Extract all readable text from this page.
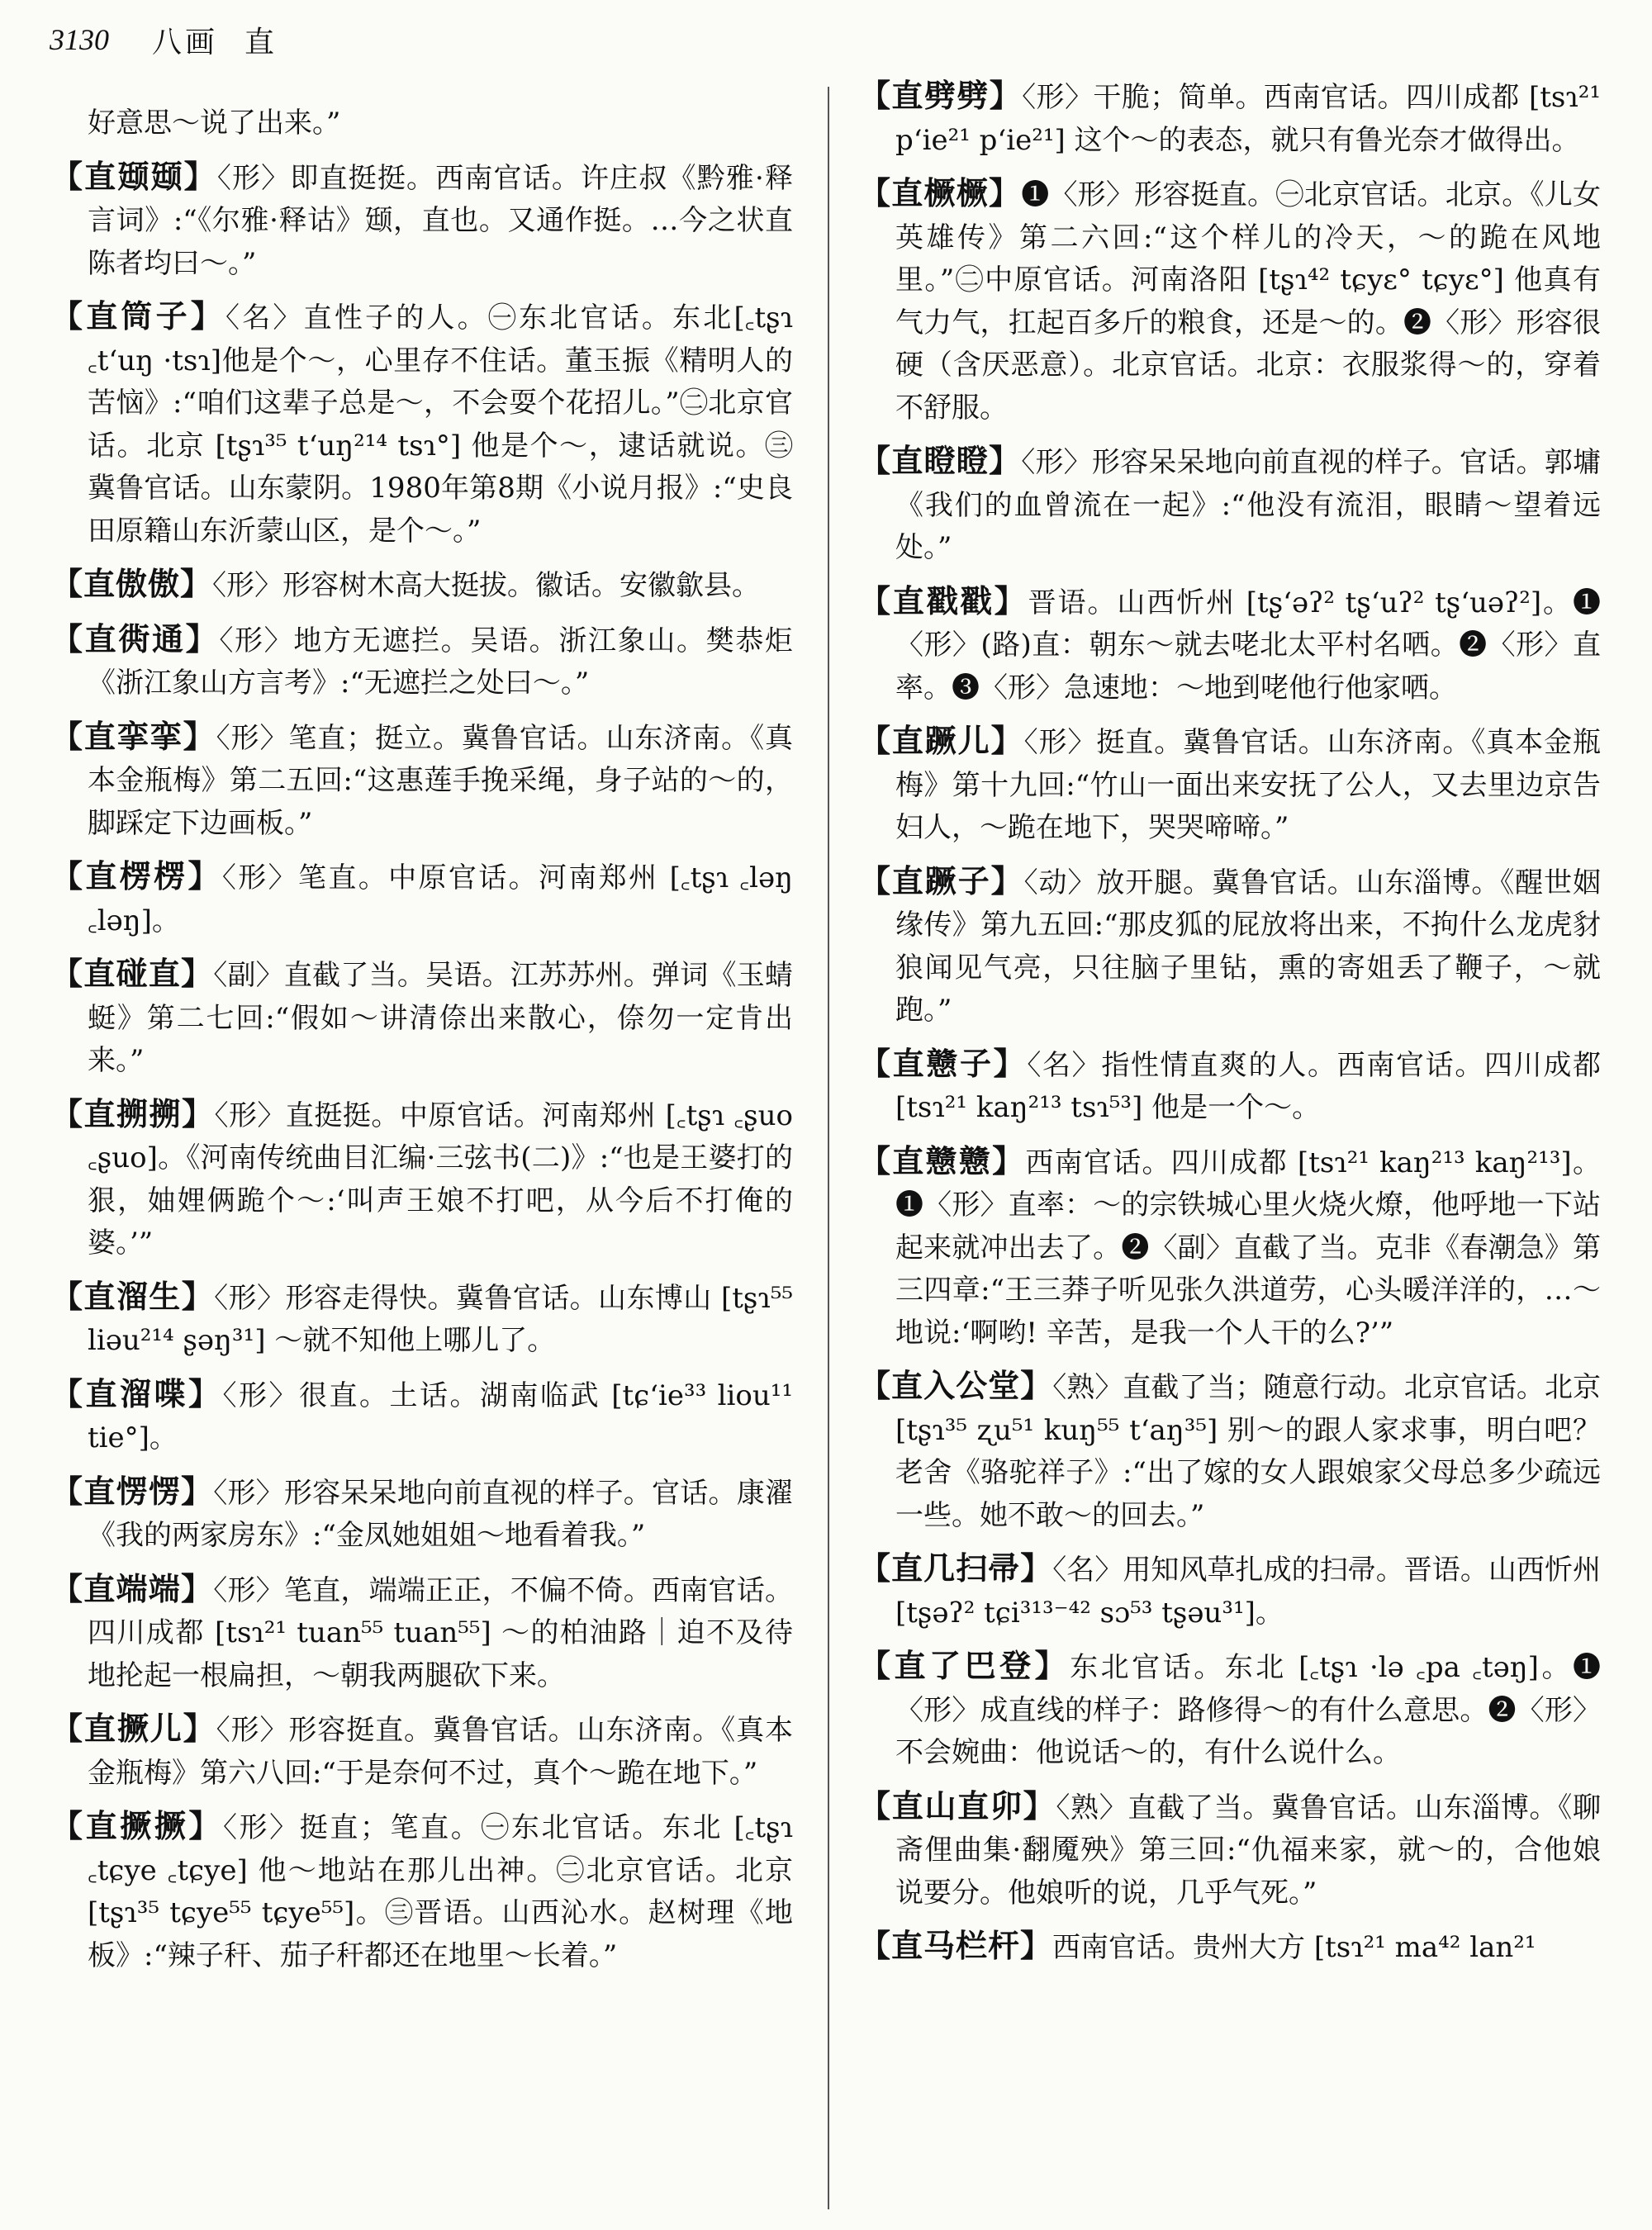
3130 八画 直

好意思～说了出来。”

【直颋颋】〈形〉即直挺挺。西南官话。许庄叔《黔雅·释言词》:“《尔雅·释诂》颋，直也。又通作挺。…今之状直陈者均曰～。”

【直筒子】〈名〉直性子的人。㊀东北官话。东北[꜀tʂɿ ꜀tʻuŋ ·tsɿ]他是个～，心里存不住话。董玉振《精明人的苦恼》:“咱们这辈子总是～，不会耍个花招儿。”㊁北京官话。北京 [tʂɿ³⁵ tʻuŋ²¹⁴ tsɿ°] 他是个～，逮话就说。㊂冀鲁官话。山东蒙阴。1980年第8期《小说月报》:“史良田原籍山东沂蒙山区，是个～。”

【直傲傲】〈形〉形容树木高大挺拔。徽话。安徽歙县。

【直衖通】〈形〉地方无遮拦。吴语。浙江象山。樊恭炬《浙江象山方言考》:“无遮拦之处曰～。”

【直挛挛】〈形〉笔直；挺立。冀鲁官话。山东济南。《真本金瓶梅》第二五回:“这惠莲手挽采绳，身子站的～的，脚踩定下边画板。”

【直楞楞】〈形〉笔直。中原官话。河南郑州 [꜀tʂɿ ꜀ləŋ ꜀ləŋ]。

【直碰直】〈副〉直截了当。吴语。江苏苏州。弹词《玉蜻蜓》第二七回:“假如～讲清倷出来散心，倷勿一定肯出来。”

【直搠搠】〈形〉直挺挺。中原官话。河南郑州 [꜀tʂɿ ꜀ʂuo ꜀ʂuo]。《河南传统曲目汇编·三弦书(二)》:“也是王婆打的狠，妯娌俩跪个～:‘叫声王娘不打吧，从今后不打俺的婆。’”

【直溜生】〈形〉形容走得快。冀鲁官话。山东博山 [tʂɿ⁵⁵ liəu²¹⁴ ʂəŋ³¹] ～就不知他上哪儿了。

【直溜喋】〈形〉很直。土话。湖南临武 [tɕʻie³³ liou¹¹ tie°]。

【直愣愣】〈形〉形容呆呆地向前直视的样子。官话。康濯《我的两家房东》:“金凤她姐姐～地看着我。”

【直端端】〈形〉笔直，端端正正，不偏不倚。西南官话。四川成都 [tsɿ²¹ tuan⁵⁵ tuan⁵⁵] ～的柏油路｜迫不及待地抡起一根扁担，～朝我两腿砍下来。

【直撅儿】〈形〉形容挺直。冀鲁官话。山东济南。《真本金瓶梅》第六八回:“于是奈何不过，真个～跪在地下。”

【直撅撅】〈形〉挺直；笔直。㊀东北官话。东北 [꜀tʂɿ ꜀tɕye ꜀tɕye] 他～地站在那儿出神。㊁北京官话。北京 [tʂɿ³⁵ tɕye⁵⁵ tɕye⁵⁵]。㊂晋语。山西沁水。赵树理《地板》:“辣子秆、茄子秆都还在地里～长着。”

【直劈劈】〈形〉干脆；简单。西南官话。四川成都 [tsɿ²¹ pʻie²¹ pʻie²¹] 这个～的表态，就只有鲁光奈才做得出。

【直橛橛】❶〈形〉形容挺直。㊀北京官话。北京。《儿女英雄传》第二六回:“这个样儿的冷天，～的跪在风地里。”㊁中原官话。河南洛阳 [tʂɿ⁴² tɕyɛ° tɕyɛ°] 他真有气力气，扛起百多斤的粮食，还是～的。❷〈形〉形容很硬（含厌恶意）。北京官话。北京：衣服浆得～的，穿着不舒服。

【直瞪瞪】〈形〉形容呆呆地向前直视的样子。官话。郭墉《我们的血曾流在一起》:“他没有流泪，眼睛～望着远处。”

【直戳戳】晋语。山西忻州 [tʂʻəʔ² tʂʻuʔ² tʂʻuəʔ²]。❶〈形〉(路)直：朝东～就去咾北太平村名哂。❷〈形〉直率。❸〈形〉急速地：～地到咾他行他家哂。

【直蹶儿】〈形〉挺直。冀鲁官话。山东济南。《真本金瓶梅》第十九回:“竹山一面出来安抚了公人，又去里边京告妇人，～跪在地下，哭哭啼啼。”

【直蹶子】〈动〉放开腿。冀鲁官话。山东淄博。《醒世姻缘传》第九五回:“那皮狐的屁放将出来，不拘什么龙虎豺狼闻见气亮，只往脑子里钻，熏的寄姐丢了鞭子，～就跑。”

【直戆子】〈名〉指性情直爽的人。西南官话。四川成都 [tsɿ²¹ kaŋ²¹³ tsɿ⁵³] 他是一个～。

【直戆戆】西南官话。四川成都 [tsɿ²¹ kaŋ²¹³ kaŋ²¹³]。❶〈形〉直率：～的宗铁城心里火烧火燎，他呼地一下站起来就冲出去了。❷〈副〉直截了当。克非《春潮急》第三四章:“王三莽子听见张久洪道劳，心头暖洋洋的，…～地说:‘啊哟! 辛苦，是我一个人干的么?’”

【直入公堂】〈熟〉直截了当；随意行动。北京官话。北京 [tʂɿ³⁵ ʐu⁵¹ kuŋ⁵⁵ tʻaŋ³⁵] 别～的跟人家求事，明白吧？老舍《骆驼祥子》:“出了嫁的女人跟娘家父母总多少疏远一些。她不敢～的回去。”

【直几扫帚】〈名〉用知风草扎成的扫帚。晋语。山西忻州 [tʂəʔ² tɕi³¹³⁻⁴² sɔ⁵³ tʂəu³¹]。

【直了巴登】东北官话。东北 [꜀tʂɿ ·lə ꜀pa ꜀təŋ]。❶〈形〉成直线的样子：路修得～的有什么意思。❷〈形〉不会婉曲：他说话～的，有什么说什么。

【直山直卯】〈熟〉直截了当。冀鲁官话。山东淄博。《聊斋俚曲集·翻魇殃》第三回:“仇福来家，就～的，合他娘说要分。他娘听的说，几乎气死。”

【直马栏杆】西南官话。贵州大方 [tsɿ²¹ ma⁴² lan²¹
